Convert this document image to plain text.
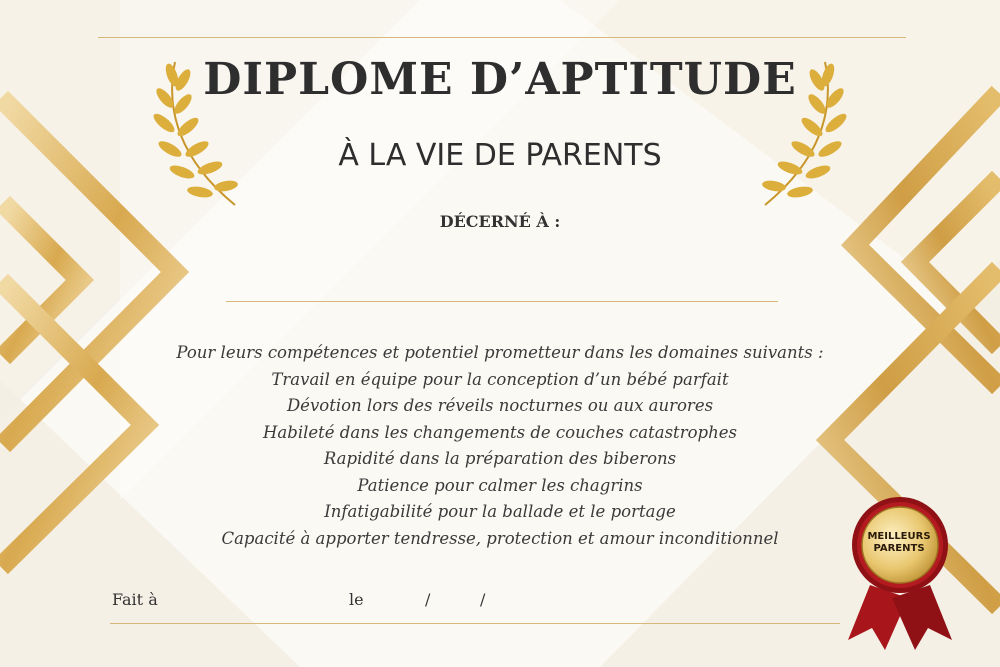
DIPLOME D’APTITUDE
À LA VIE DE PARENTS
DÉCERNÉ À :
Pour leurs compétences et potentiel prometteur dans les domaines suivants :
Travail en équipe pour la conception d’un bébé parfait
Dévotion lors des réveils nocturnes ou aux aurores
Habileté dans les changements de couches catastrophes
Rapidité dans la préparation des biberons
Patience pour calmer les chagrins
Infatigabilité pour la ballade et le portage
Capacité à apporter tendresse, protection et amour inconditionnel
Fait à	le	/	/
MEILLEURS
PARENTS
